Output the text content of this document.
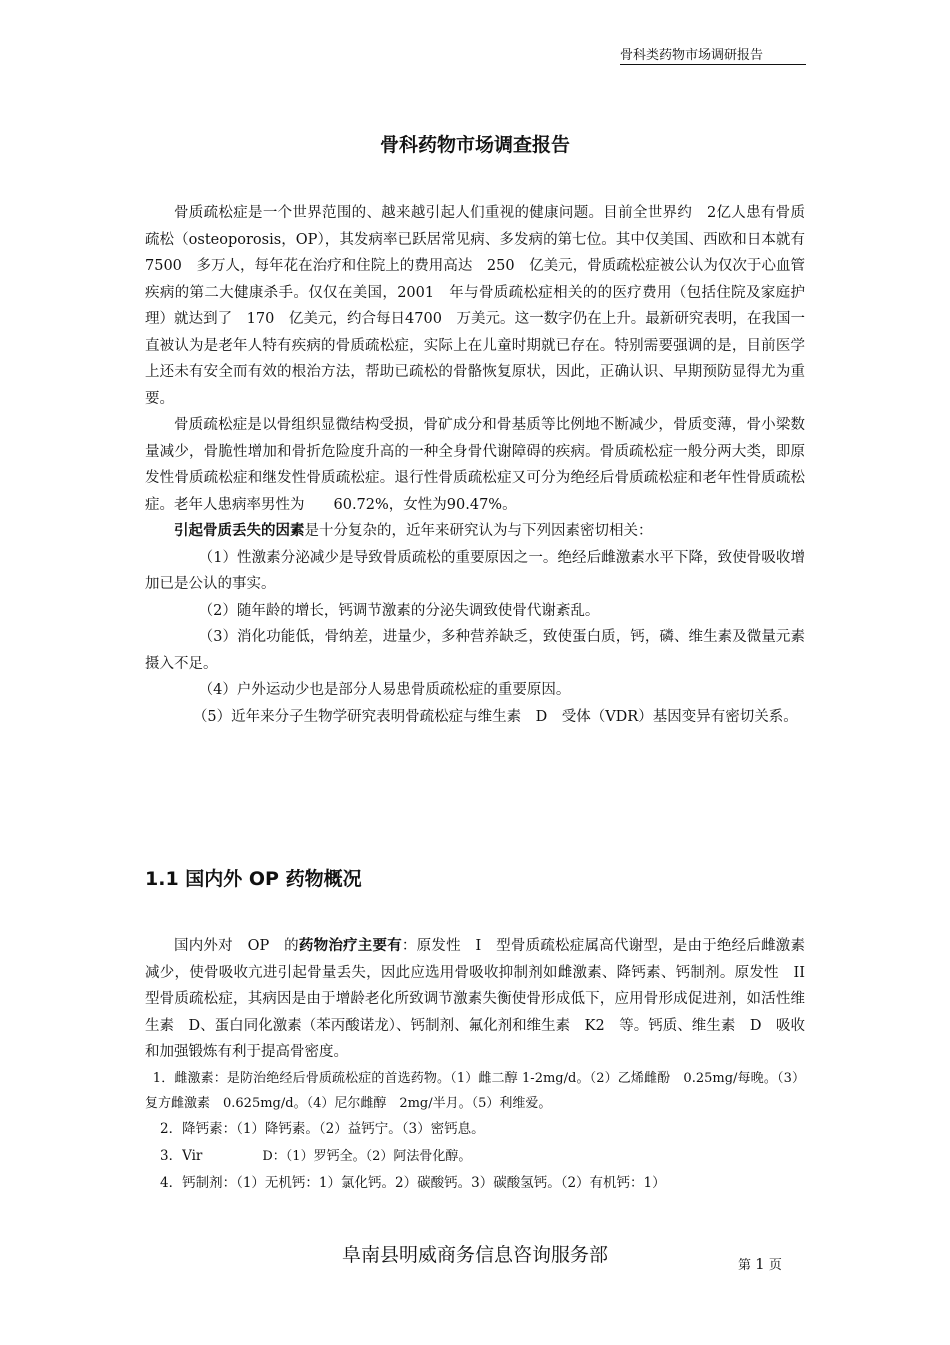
骨科类药物市场调研报告
骨科药物市场调查报告

骨质疏松症是一个世界范围的、越来越引起人们重视的健康问题。目前全世界约　2亿人患有骨质疏松（osteoporosis，OP），其发病率已跃居常见病、多发病的第七位。其中仅美国、西欧和日本就有　7500　多万人，每年花在治疗和住院上的费用高达　250　亿美元，骨质疏松症被公认为仅次于心血管疾病的第二大健康杀手。仅仅在美国，2001　年与骨质疏松症相关的的医疗费用（包括住院及家庭护理）就达到了　170　亿美元，约合每日4700　万美元。这一数字仍在上升。最新研究表明，在我国一直被认为是老年人特有疾病的骨质疏松症，实际上在儿童时期就已存在。特别需要强调的是，目前医学上还未有安全而有效的根治方法，帮助已疏松的骨骼恢复原状，因此，正确认识、早期预防显得尤为重要。

骨质疏松症是以骨组织显微结构受损，骨矿成分和骨基质等比例地不断减少，骨质变薄，骨小梁数量减少，骨脆性增加和骨折危险度升高的一种全身骨代谢障碍的疾病。骨质疏松症一般分两大类，即原发性骨质疏松症和继发性骨质疏松症。退行性骨质疏松症又可分为绝经后骨质疏松症和老年性骨质疏松症。老年人患病率男性为　　60.72%，女性为90.47%。

引起骨质丢失的因素是十分复杂的，近年来研究认为与下列因素密切相关：

（1）性激素分泌减少是导致骨质疏松的重要原因之一。绝经后雌激素水平下降，致使骨吸收增加已是公认的事实。

（2）随年龄的增长，钙调节激素的分泌失调致使骨代谢紊乱。

（3）消化功能低，骨纳差，进量少，多种营养缺乏，致使蛋白质，钙，磷、维生素及微量元素摄入不足。

（4）户外运动少也是部分人易患骨质疏松症的重要原因。

（5）近年来分子生物学研究表明骨疏松症与维生素　D　受体（VDR）基因变异有密切关系。

1.1 国内外 OP 药物概况

国内外对　OP　的药物治疗主要有：原发性　I　型骨质疏松症属高代谢型，是由于绝经后雌激素减少，使骨吸收亢进引起骨量丢失，因此应选用骨吸收抑制剂如雌激素、降钙素、钙制剂。原发性　II　型骨质疏松症，其病因是由于增龄老化所致调节激素失衡使骨形成低下，应用骨形成促进剂，如活性维生素　D、蛋白同化激素（苯丙酸诺龙）、钙制剂、氟化剂和维生素　K2　等。钙质、维生素　D　吸收和加强锻炼有利于提高骨密度。

1．雌激素：是防治绝经后骨质疏松症的首选药物。（1）雌二醇 1-2mg/d。（2）乙烯雌酚　0.25mg/每晚。（3）复方雌激素　0.625mg/d。（4）尼尔雌醇　2mg/半月。（5）利维爱。

2．降钙素：（1）降钙素。（2）益钙宁。（3）密钙息。

3．Vir	D：（1）罗钙全。（2）阿法骨化醇。

4．钙制剂：（1）无机钙：1）氯化钙。2）碳酸钙。3）碳酸氢钙。（2）有机钙：1）

阜南县明威商务信息咨询服务部	第 1 页
